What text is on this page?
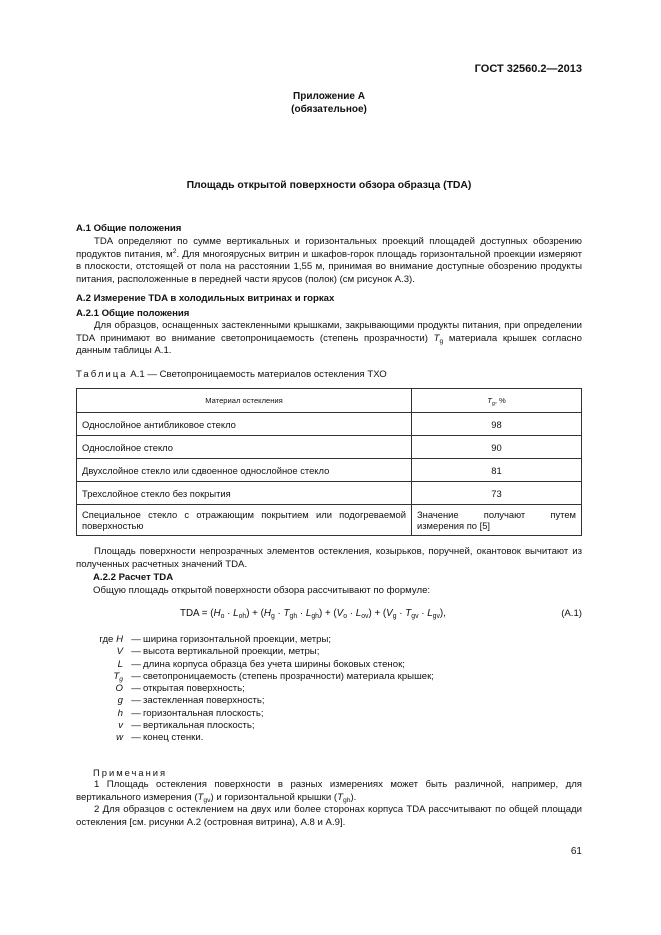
ГОСТ 32560.2—2013
Приложение А
(обязательное)
Площадь открытой поверхности обзора образца (TDA)
А.1 Общие положения
TDA определяют по сумме вертикальных и горизонтальных проекций площадей доступных обозрению продуктов питания, $м^2$. Для многоярусных витрин и шкафов-горок площадь горизонтальной проекции измеряют в плоскости, отстоящей от пола на расстоянии 1,55 м, принимая во внимание доступные обозрению продукты питания, расположенные в передней части ярусов (полок) (см рисунок А.3).
А.2 Измерение TDA в холодильных витринах и горках
А.2.1 Общие положения
Для образцов, оснащенных застекленными крышками, закрывающими продукты питания, при определении TDA принимают во внимание светопроницаемость (степень прозрачности) $T_g$ материала крышек согласно данным таблицы А.1.
Таблица А.1 — Светопроницаемость материалов остекления ТХО
Материал остекления	$T_g$, %
Однослойное антибликовое стекло	98
Однослойное стекло	90
Двухслойное стекло или сдвоенное однослойное стекло	81
Трехслойное стекло без покрытия	73
Специальное стекло с отражающим покрытием или подогреваемой поверхностью	Значение получают путем измерения по [5]
Площадь поверхности непрозрачных элементов остекления, козырьков, поручней, окантовок вычитают из полученных расчетных значений TDA.
А.2.2 Расчет TDA
Общую площадь открытой поверхности обзора рассчитывают по формуле:
TDA = $(H_o \cdot L_{oh}) + (H_g \cdot T_{gh} \cdot L_{gh}) + (V_o \cdot L_{ov}) + (V_g \cdot T_{gv} \cdot L_{gv})$,	(А.1)
где H — ширина горизонтальной проекции, метры;
V — высота вертикальной проекции, метры;
L — длина корпуса образца без учета ширины боковых стенок;
$T_g$ — светопроницаемость (степень прозрачности) материала крышек;
O — открытая поверхность;
g — застекленная поверхность;
h — горизонтальная плоскость;
v — вертикальная плоскость;
w — конец стенки.
Примечания
1 Площадь остекления поверхности в разных измерениях может быть различной, например, для вертикального измерения $(T_{gv})$ и горизонтальной крышки $(T_{gh})$.
2 Для образцов с остеклением на двух или более сторонах корпуса TDA рассчитывают по общей площади остекления [см. рисунки А.2 (островная витрина), А.8 и А.9].
61
